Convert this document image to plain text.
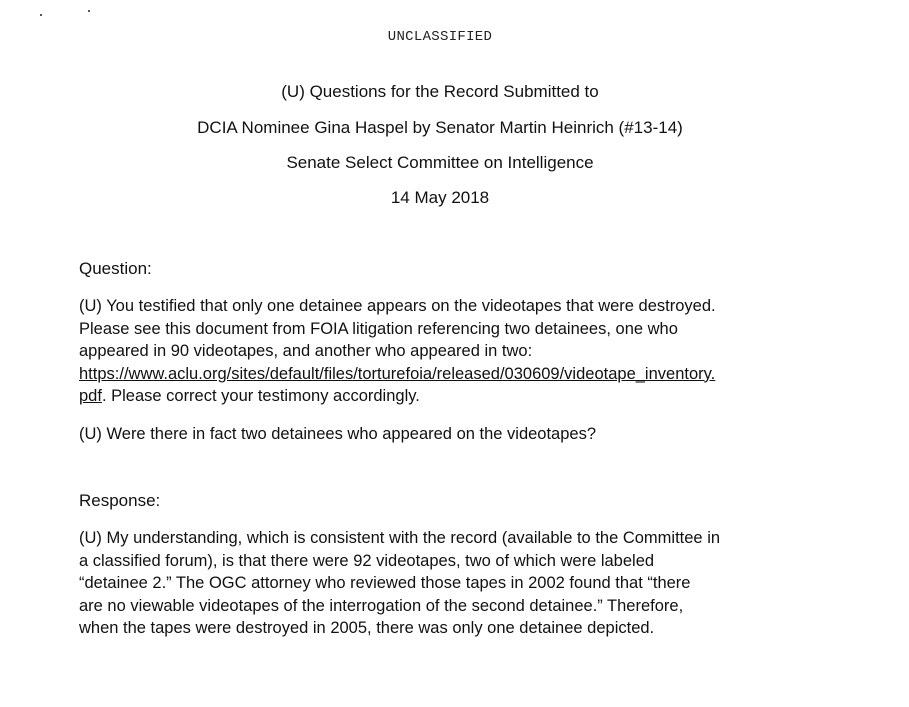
UNCLASSIFIED
(U) Questions for the Record Submitted to
DCIA Nominee Gina Haspel by Senator Martin Heinrich (#13-14)
Senate Select Committee on Intelligence
14 May 2018
Question:
(U) You testified that only one detainee appears on the videotapes that were destroyed.
Please see this document from FOIA litigation referencing two detainees, one who
appeared in 90 videotapes, and another who appeared in two:
https://www.aclu.org/sites/default/files/torturefoia/released/030609/videotape_inventory.
pdf. Please correct your testimony accordingly.
(U) Were there in fact two detainees who appeared on the videotapes?
Response:
(U) My understanding, which is consistent with the record (available to the Committee in
a classified forum), is that there were 92 videotapes, two of which were labeled
“detainee 2.” The OGC attorney who reviewed those tapes in 2002 found that “there
are no viewable videotapes of the interrogation of the second detainee.” Therefore,
when the tapes were destroyed in 2005, there was only one detainee depicted.
